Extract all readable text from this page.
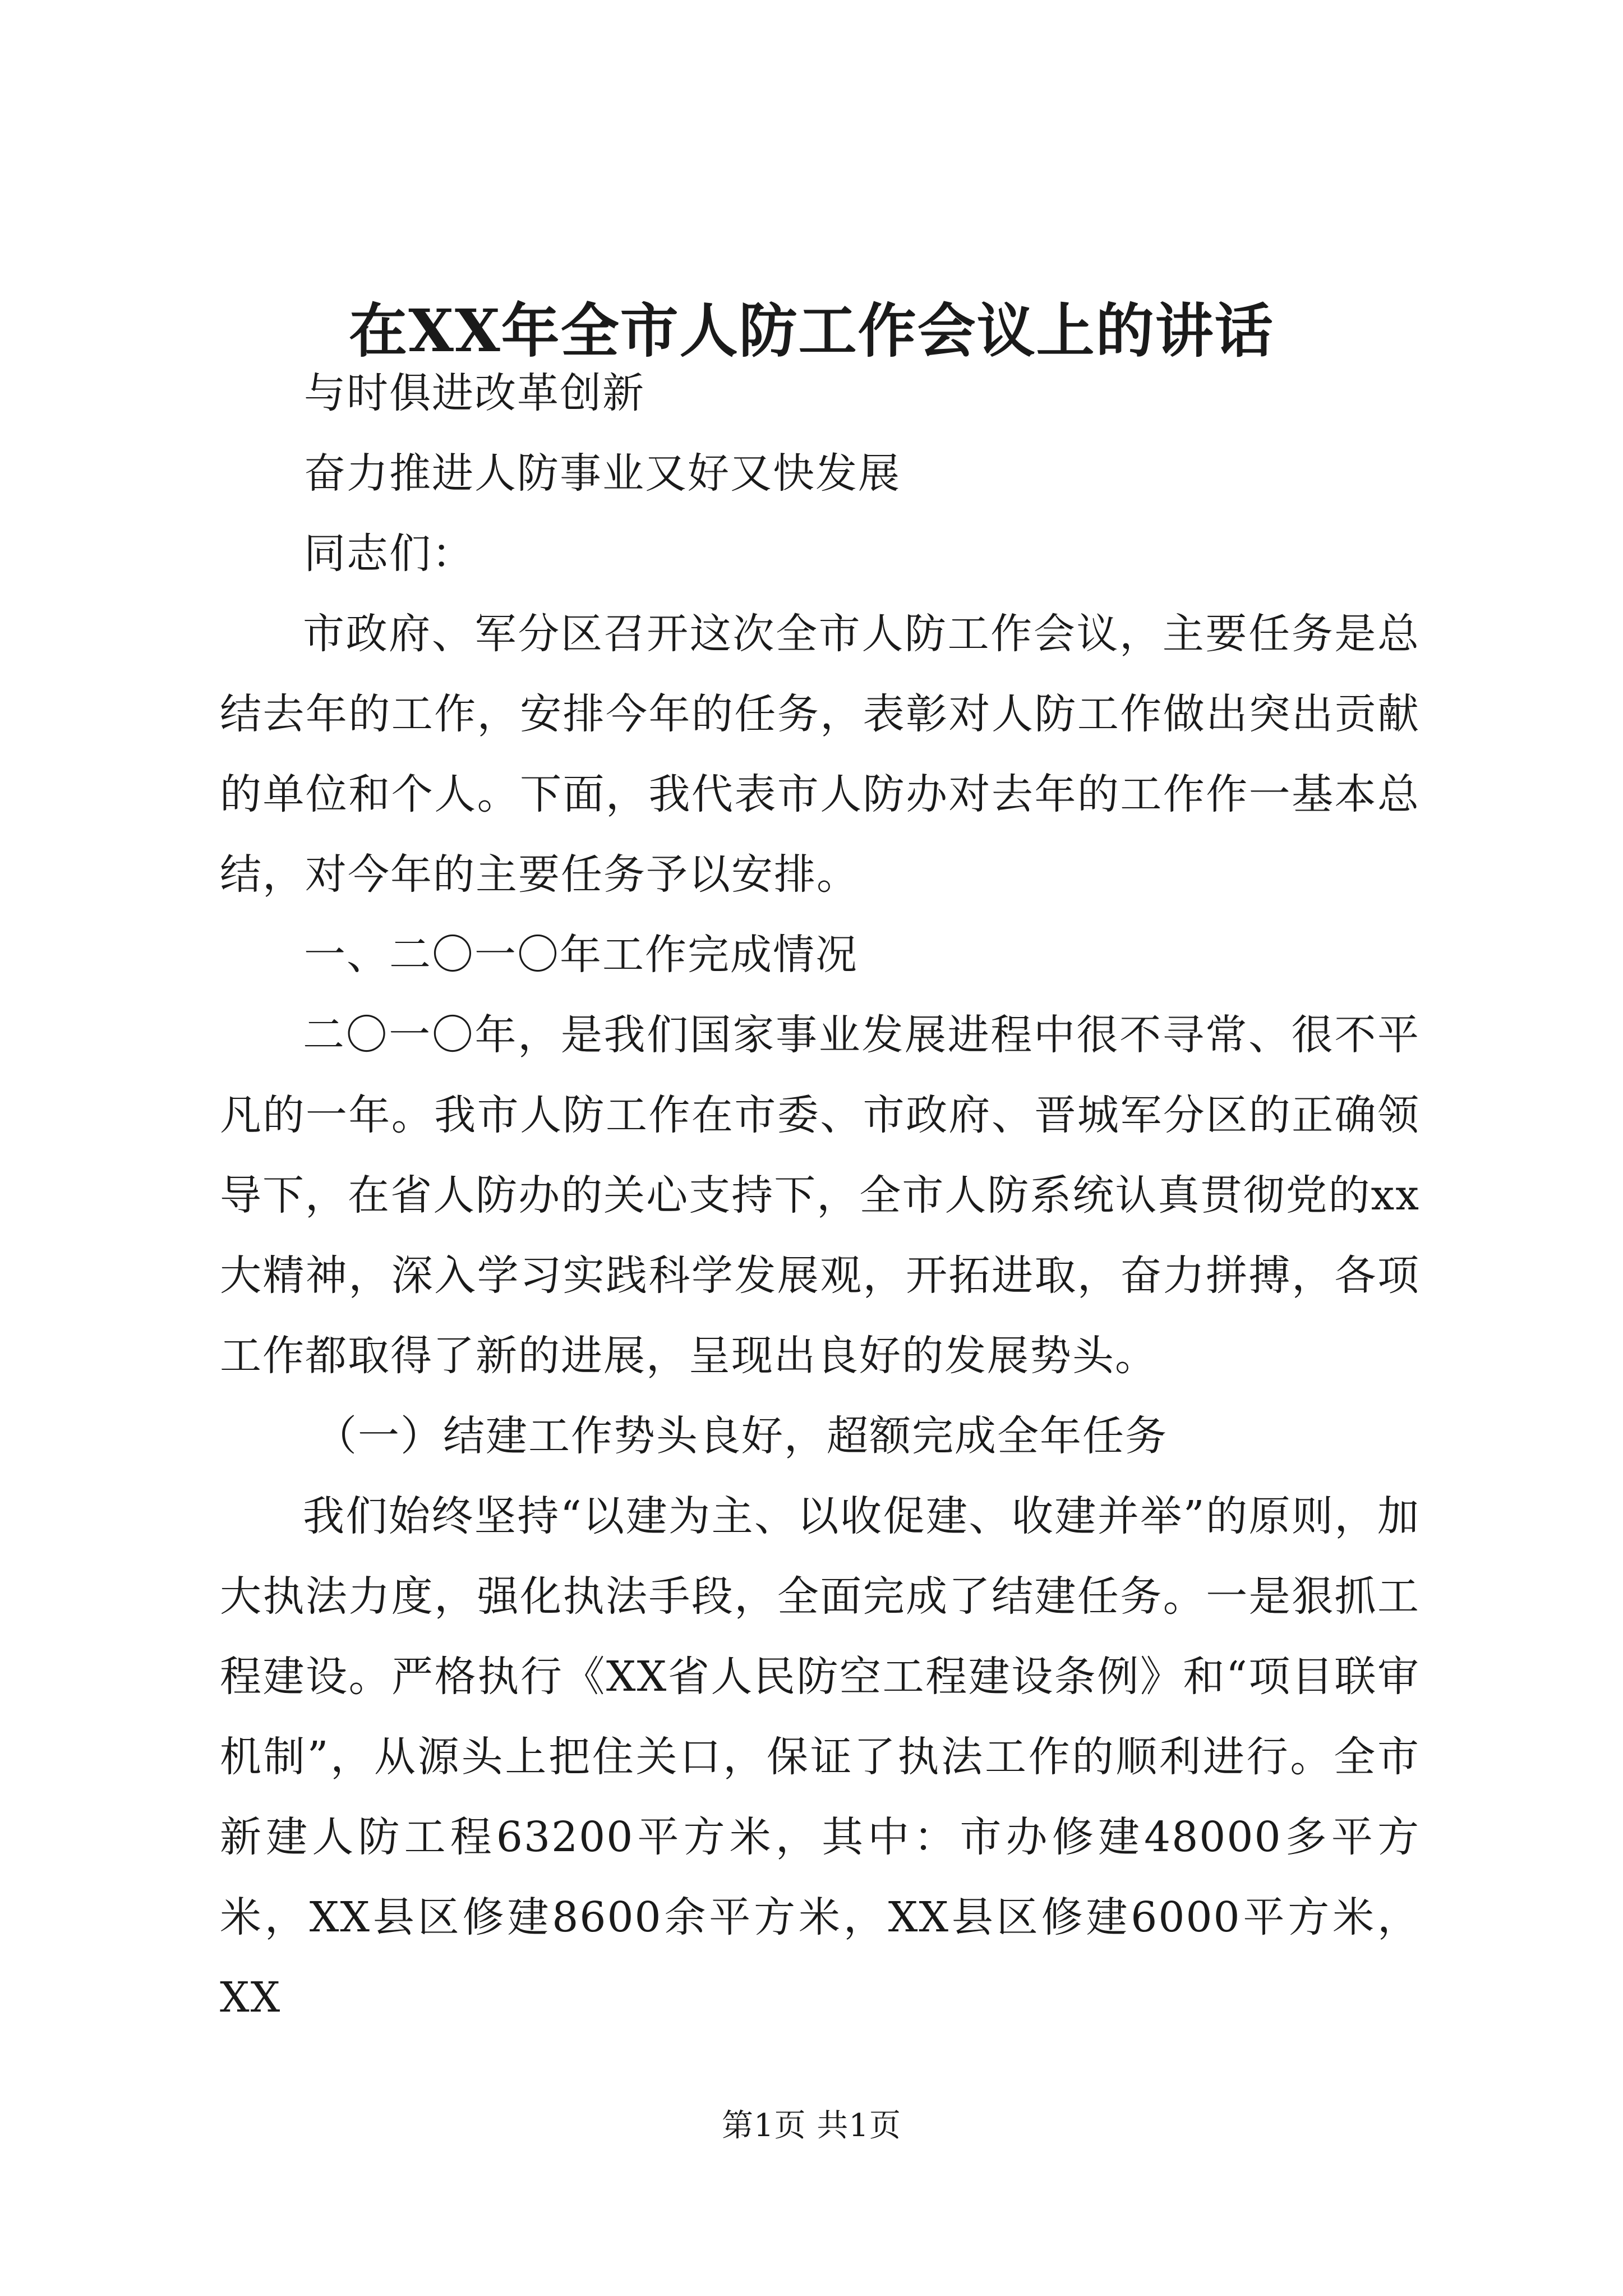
在XX年全市人防工作会议上的讲话

与时俱进改革创新

奋力推进人防事业又好又快发展

同志们：

市政府、军分区召开这次全市人防工作会议，主要任务是总结去年的工作，安排今年的任务，表彰对人防工作做出突出贡献的单位和个人。下面，我代表市人防办对去年的工作作一基本总结，对今年的主要任务予以安排。

一、二〇一〇年工作完成情况

二〇一〇年，是我们国家事业发展进程中很不寻常、很不平凡的一年。我市人防工作在市委、市政府、晋城军分区的正确领导下，在省人防办的关心支持下，全市人防系统认真贯彻党的xx大精神，深入学习实践科学发展观，开拓进取，奋力拼搏，各项工作都取得了新的进展，呈现出良好的发展势头。

（一）结建工作势头良好，超额完成全年任务

我们始终坚持“以建为主、以收促建、收建并举”的原则，加大执法力度，强化执法手段，全面完成了结建任务。一是狠抓工程建设。严格执行《XX省人民防空工程建设条例》和“项目联审机制”，从源头上把住关口，保证了执法工作的顺利进行。全市新建人防工程63200平方米，其中：市办修建48000多平方米，XX县区修建8600余平方米，XX县区修建6000平方米，XX

第1页 共1页
